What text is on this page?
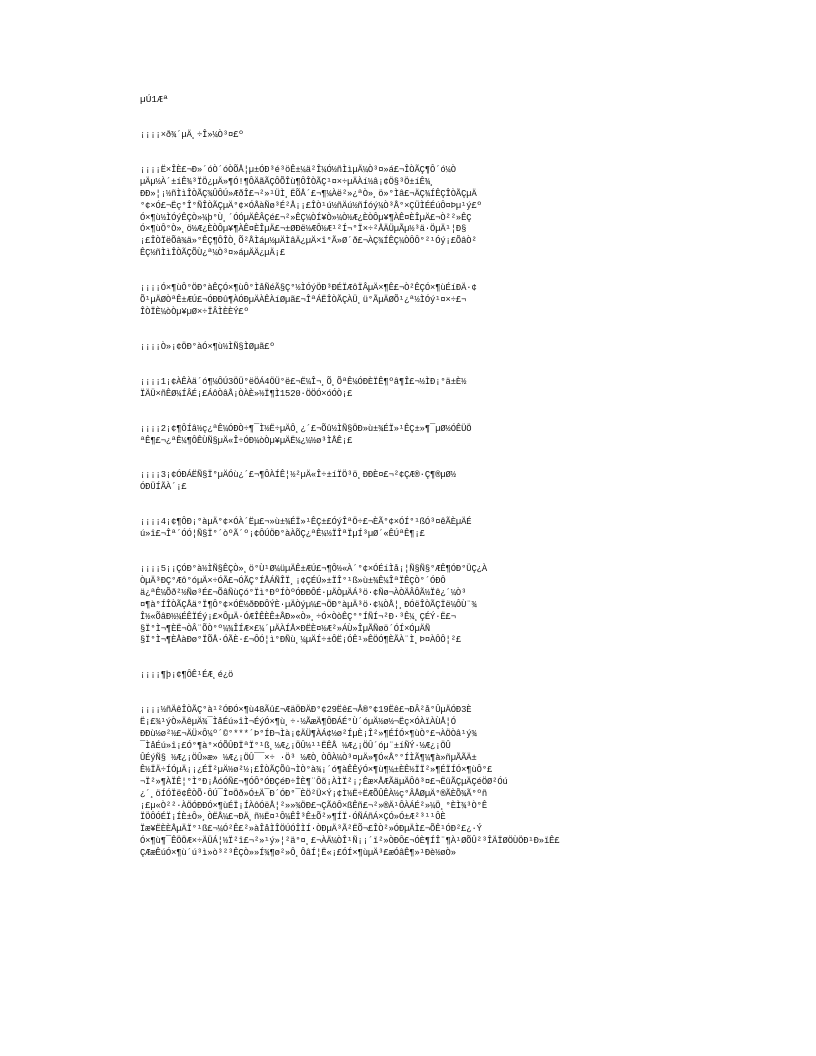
µÚ1Æª
¡¡¡¡×ð¾´µÄ¸÷Î»¼Ò³¤£º
¡¡¡¡Ë×ÎÈ£¬Ð»´óÒ´óÒÕÅ¦µ±ÓÐ³é³öÊ±¼ä²Î¼Ó½ñÌìµÄ¼Ò³¤»á£¬ÎÒÃÇ¶Ô´ó¼Ò
µÄµ½À´±íÊ¾³ÏÖ¿µÄ»¶Ó!¶ÔÄãÃÇÔÕÎù¶ÔÎÒÃÇ¹¤×÷µÄÀí½â¡¢Ö§³Ö±íÊ¾¸
ÐÐ»¦¡½ñÌìÎÒÃÇ¾ÛÔÚ»ÆðÎ£¬²»¹ÜÌ¸ËÕÅ´£¬¶¼Àë²»¿ªÒ»¸ö»°Ìâ£¬ÄÇ¾ÍÊÇÎÒÃÇµÄ
°¢×Ó£¬Ëç°Î°ÑÎÒÃÇµÄ°¢×ÓÅàÑø³É²Å¡¡£ÎÒ¹ú½ñÄú½ñÍóý¼Ò³Å°×ÇÜÌÉÉúÔ¤Þµ¹ý£º
Ó×¶ù½ÌÓýÊÇÒ»¼þ°Ù¸´ÓÓµÄÊÂÇé£¬²»ÊÇ¼ÒÍ¥Ò»¼Ò½Æ¿ÈÒÔµ¥¶ÀÊ¤ÈÎµÄ£¬Ò²²»ÊÇ
Ó×¶ùÔ°Ò»¸ö½Æ¿ÈÒÔµ¥¶ÀÊ¤ÈÎµÄ£¬±ØÐë½ÆÔ½Æ¹²Í¬°Ï×÷²ÅÄÜµÃµ½³ä·ÖµÄ¹¦Ð§
¡£ÎÒÏëÕâ¾ä»°ÊÇ¶ÔÎÒ¸Õ²ÅÌáµ½µÄÌâÄ¿µÄ×î°Ã»Ø´ð£¬ÀÇ¾ÍÊÇ¼ÒÔÔ°²¹Óý¡£ÕâÒ²
ÊÇ½ñÌìÎÒÃÇÕÙ¿ª¼Ò³¤»áµÄÄ¿µÄ¡£
¡¡¡¡Ó×¶ùÔ°ÖÐ°àÊÇÓ×¶ùÔ°ÌåÑéÃ§Ç°½ÌÓýÖÐ³ÐÉÏÆôÏÂµÄ×¶Ê£¬Ò²ÊÇÓ×¶ùÉíÐÄ·¢
Õ¹µÄØÒªÊ±ÆÚ£¬ÓÐÐû¶ÀÓÐµÄÀÊÀíØµã£¬ÎªÁËÎÒÃÇÀÜ¸ü°ÃµÄØÕ¹¿ª½ÌÓý¹¤×÷£¬
ÎÒÏÈ¼òÒµ¥µØ×÷ÏÂÌÈÈÝ£º
¡¡¡¡Ò»¡¢ÖÐ°àÓ×¶ù½ÌÑ§ÌØµã£º
¡¡¡¡1¡¢ÀÊÀä´ó¶¼ÔÚ3ÖÜ°ëÖÁ4ÖÜ°ë£¬Ë¼Î¬¸Õ¸ÕªÊ¼ÓÐÈÏÊ¶ºâ¶Î£¬½ÌÐ¡°ä±È½
ÏÄÜ×ñÊØ¼ÍÂÉ¡£ÁôÒâÅ¡ÒÀÈ»½Ï¶Ì1520·ÖÖÓ×óÓÒ¡£
¡¡¡¡2¡¢¶ÔÍâ½ç¿ªÊ¼ÓÐÒ÷¶¯Ì½Ë÷µÄÔ¸¿´£¬Õû½ÌÑ§ÖÐ»ù±¾ÉÏ»¹ÊÇ±»¶¯µØ½ÓÊÜÖ
ªÊ¶£¬¿ªÊ¼¶ÔÊÙÑ§µÄ«Î÷ÓÐ¼òÒµ¥µÄË¼¿¼½ø³ÌÅÊ¡£
¡¡¡¡3¡¢ÓÐÁËÑ§Ï°µÄÓù¿´£¬¶ÔÀÍÊ¦½²µÄ«Î÷±íÏÖ³ö¸ÐÐÈ¤£¬²¢ÇÆ®·Ç¶®µØ½
ÓÐÜÍÃÀ´¡£
¡¡¡¡4¡¢¶ÔÐ¡°àµÄ°¢×ÓÀ´Ëµ£¬»ù±¾ÉÏ»¹ÊÇ±£ÓýÎªÖ÷£¬ÈÃ°¢×ÓÍ°¹ßÓ³¤êÃÈµÄÉ
ú»î£¬Îª´ÓÓ¦Ñ§Ï°´òºÃ´º¡¢ÔÚÖÐ°àÀÕÇ¿ªÊ¼½ÏÎªÏµÍ³µØ´«ÊÚªÊ¶¡£
¡¡¡¡5¡¡ÇÓÐ°à½ÌÑ§ÊÇÒ»¸ö°Ù¹Ø¼üµÄÊ±ÆÚ£¬¶Ô½«À´°¢×ÓÉíÌå¡¦Ñ§Ñ§°ÆÊ¶ÓÐ°ÜÇ¿À
ÒµÄ³ÐÇ°Æô°óµÄ×÷ÓÃ£¬ÓÃÇ°ÍÅÁÑÎÏ¸¡¢ÇÉÚ»±ÏÎ°¹ß»ù±¾Ê¼ÎªÏÊÇÒ°´ÓÐÔ
ä¿ªÊ¼Õð²½Ñø³É£¬ÕâÑùÇó°Ïì°ÐºÍÒºÓÐÐÔÉ·µÄÒµÄÁ³ö·¢Ñø¬ÀÒÄÂÔÃ½Ïê¿´¼Ò³
¤¶à°ÍÎÒÃÇÅä°Ï¶Ô°¢×ÓË½ðÐÐÔÝÈ·µÄÒýµ¼£¬ÖÐ°àµÄ³ö·¢¼ÒÅ¦¸ÐÓëÎÒÃÇÏë¼ÔÙ¨¾
Î½«ÕâÐ½¼ÉÊÏÉý¡£×ÔµÄ·ÓÆÎÊÈÊ±ÅÐ»«Ò»¸÷Ó×ÒòÊÇ°°ÍÑÍ¬²Ð·³Ê¼¸ÇÉÝ·Ë£¬
§Ï°Ì¬¶ÈË¬ÒÂ¨ÕÒ°º¼¾ÎÍÆ×£¼´µÄÀÍÅ×ÐËÈ¤½Æ²»ÁÙ»ÎµÃÑøö´ÓÍ×ÓµÄÑ
§Ï°Ì¬¶ÈÅàÐø°ÏÕÅ·ÓÃÈ·£¬ÔÓ¦ì°ÐÑù¸¼µÄÍ÷±ÔË¡ÓÊ¹»ÊÖÓ¶ÈÃÀ¨Ì¸Þ¤ÀÔÔ¦²£
¡¡¡¡¶þ¡¢¶ÔÊ¹ÉÆ¸é¿ö
¡¡¡¡½ñÄêÎÒÃÇ°à¹²ÓÐÓ×¶ù48Ãû£¬ÆäÖÐÄÐ°¢29Ëê£¬Å®°¢19Ëê£¬ÐÂ²å°ÛµÄÓÐ3È
Ë¡£¾¹ýÒ»ÄêµÄ¾¯ÌåÉú»îÌ¬ÉýÓ×¶ù¸÷·½ÃæÄ¶ÔÐÁÉ°Ù´óµÄ½ø½¬Ëç×ÓÀïÀÙÅ¦Ó
ÐÐù½ø²½£¬ÄÜ×Ô¼º´©°***´Þ°ÍÐ¬Ìà¡¢ÄÜ¶ÀÁ¢½ø²ÍµÈ¡Î²»¶ÉÍÓ×¶ùÒ°£¬ÀÖÒâ¹ý¾
¯ÌåÉú»î¡£Ó°¶à°×ÓÕÛÐÏªÏ°¹ß¸½Æ¿¡ÖÛ½¹¹ËÊÅ ½Æ¿¡ÖÛ´óµ¨±íÑÝ·½Æ¿¡ÖÛ
ÛÉýÑ§ ½Æ¿¡ÖÛ»æ» ½Æ¿¡ÖÛ¯¯×÷ ·Ö³ ½ÆÒ¸ÒÔÀ¼Ò³¤µÄ»¶Ó«Å°°ÍÌÃ¶¼¶à»ñµÃÃÄ±
Ê½ÏÄ÷ÍÓµÄ¡¡¿ÉÏ²µÄ½ø²½¡£ÎÒÃÇÕû¬ÌÒ°à¾¡´ó¶àÊÊýÓ×¶ù¶¼±ÈÊ½ÏÏ²»¶ÉÏÍÓ×¶ùÔ°£
¬Ï²»¶ÀÏÊ¦°Ì°Ð¡ÅóÓÑ£¬¶ÓÔ°ÓÐÇéÐ÷ÎÈ¶¨Ôõ¡ÀÌÏ²¡;Êæ×ÅÆÃäµÄÔô³¤£¬ËüÃÇµÄÇéÖØ²Óú
¿´¸öÍÓÏë¢ÊÒÕ·ÔÚ¯Î¤Öð»Ó±Ä¯Ð´ÓÐ°¯ÈÖ²Ü×Ý¡¢Ì½Ë÷ËÆÕÛÊÀ½ç°ÂÅØµÄ°®ÃÈÕ¾Ã°ºñ
¡£µ«Ò²²·ÀÖÓÐÐÓ×¶ùÉÏ¡ÍÀôÓëÅ¦²»»¾ÖÐ£¬ÇÃôÔ×ßÊñ£¬²»®Ä¹ÔÀÁÉ²»¼Ö¸°ÈÌ¾³Ò°Ê
ÏÖÔÓÉÏ¡ÍÈ±Ô»¸ÒËÅ¼£¬ÐÄ¸ñ½Ë¤¹Ô¼ÊÎ³Ê±Õ²»¶ÍÏ·ÓÑÁñÁ×ÇÓ»Ó±Æ²³¹¹ÔÈ
Ïæ¥ËÈÈÅµÄÏ°¹ß£¬¼Ó²Ê£²»àÎåÌÎÖÚÓÎÌÍ·ÒÐµÄ³Ã²ËÕ¬£ÎÒ²»ÓÐµÄÌ£¬ÕÊ¹ÓÐ²£¿·Ý
Ó×¶ù¶¯ÊÖÖÆ×÷ÄÜÁ¦½Ï²î£¬²»¹ý»¦²ä°¤¸£¬ÀÄ¼ÒÎ¹Ñ¡¡´ï²»ÒÐÔ£¬ÓÈ¶ÍÎ¨¶À¹ØÕÛ²³ÎÄÏØÖÙÖÐ¹Ð»ïÊ£
ÇÆæÊúÓ×¶ù´ú³ì»ò³²³ÊÇÒ»»Í¾¶ø²»Ô¸ÔâÍ¦Ë«¡£ÓÍ×¶ùµÄ³£æÓâÊ¶»¹Ðè½øÒ»
